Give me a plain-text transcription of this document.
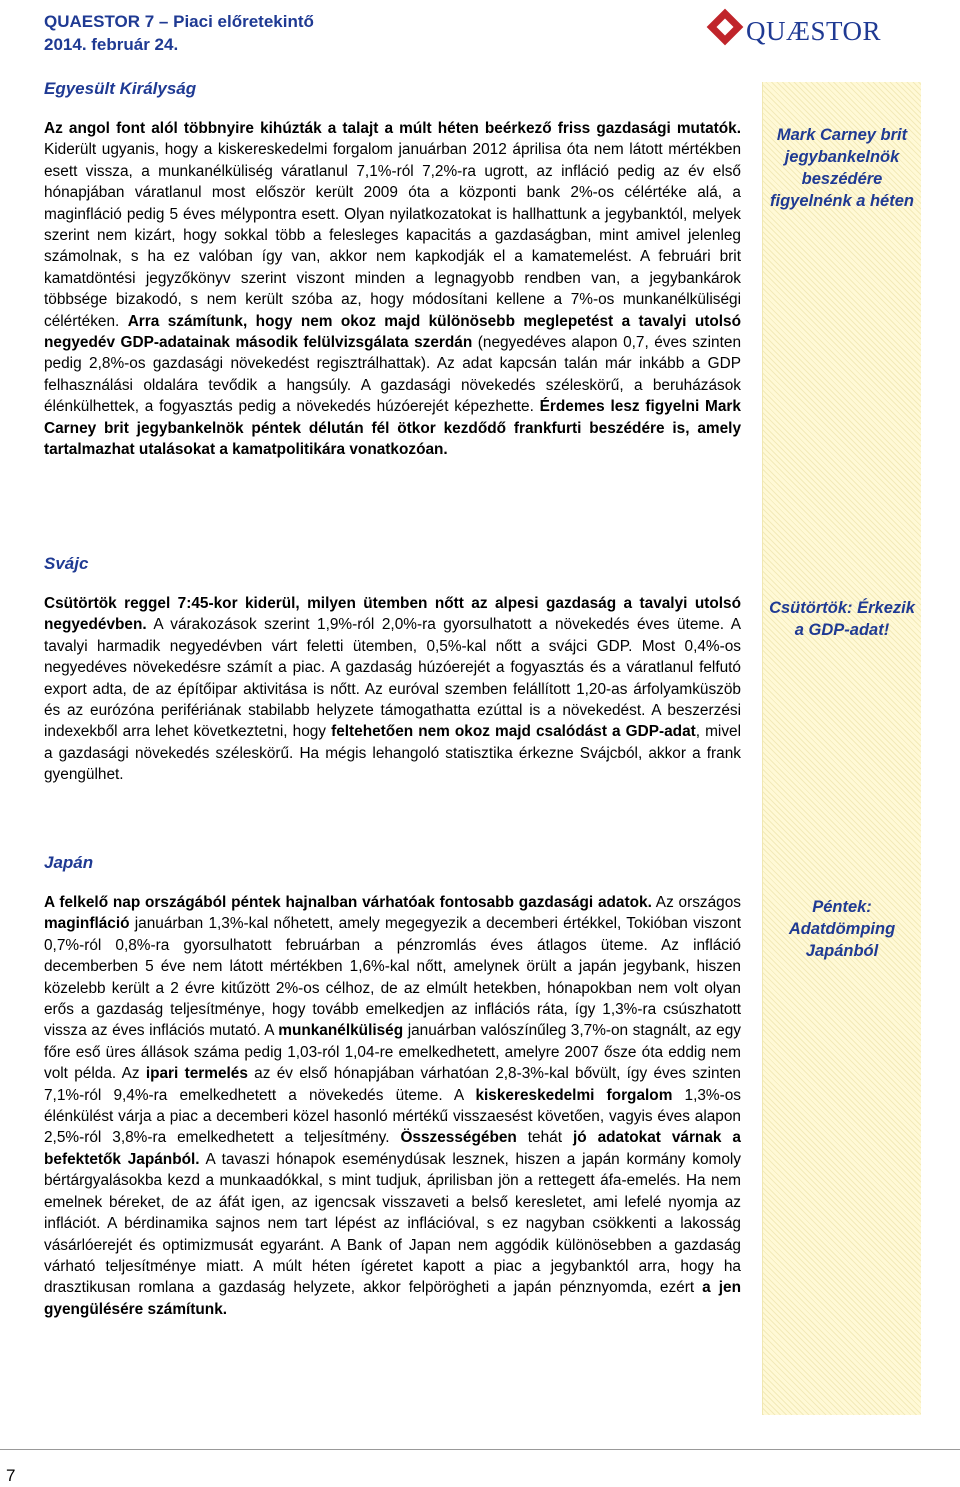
QUAESTOR 7 – Piaci előretekintő
2014. február 24.	QUÆSTOR
Egyesült Királyság

Az angol font alól többnyire kihúzták a talajt a múlt héten beérkező friss gazdasági mutatók. Kiderült ugyanis, hogy a kiskereskedelmi forgalom januárban 2012 áprilisa óta nem látott mértékben esett vissza, a munkanélküliség váratlanul 7,1%-ról 7,2%-ra ugrott, az infláció pedig az év első hónapjában váratlanul most először került 2009 óta a központi bank 2%-os célértéke alá, a maginfláció pedig 5 éves mélypontra esett. Olyan nyilatkozatokat is hallhattunk a jegybanktól, melyek szerint nem kizárt, hogy sokkal több a felesleges kapacitás a gazdaságban, mint amivel jelenleg számolnak, s ha ez valóban így van, akkor nem kapkodják el a kamatemelést. A februári brit kamatdöntési jegyzőkönyv szerint viszont minden a legnagyobb rendben van, a jegybankárok többsége bizakodó, s nem került szóba az, hogy módosítani kellene a 7%-os munkanélküliségi célértéken. Arra számítunk, hogy nem okoz majd különösebb meglepetést a tavalyi utolsó negyedév GDP-adatainak második felülvizsgálata szerdán (negyedéves alapon 0,7, éves szinten pedig 2,8%-os gazdasági növekedést regisztrálhattak). Az adat kapcsán talán már inkább a GDP felhasználási oldalára tevődik a hangsúly. A gazdasági növekedés széleskörű, a beruházások élénkülhettek, a fogyasztás pedig a növekedés húzóerejét képezhette. Érdemes lesz figyelni Mark Carney brit jegybankelnök péntek délután fél ötkor kezdődő frankfurti beszédére is, amely tartalmazhat utalásokat a kamatpolitikára vonatkozóan.

Svájc

Csütörtök reggel 7:45-kor kiderül, milyen ütemben nőtt az alpesi gazdaság a tavalyi utolsó negyedévben. A várakozások szerint 1,9%-ról 2,0%-ra gyorsulhatott a növekedés éves üteme. A tavalyi harmadik negyedévben várt feletti ütemben, 0,5%-kal nőtt a svájci GDP. Most 0,4%-os negyedéves növekedésre számít a piac. A gazdaság húzóerejét a fogyasztás és a váratlanul felfutó export adta, de az építőipar aktivitása is nőtt. Az euróval szemben felállított 1,20-as árfolyamküszöb és az eurózóna perifériának stabilabb helyzete támogathatta ezúttal is a növekedést. A beszerzési indexekből arra lehet következtetni, hogy feltehetően nem okoz majd csalódást a GDP-adat, mivel a gazdasági növekedés széleskörű. Ha mégis lehangoló statisztika érkezne Svájcból, akkor a frank gyengülhet.

Japán

A felkelő nap országából péntek hajnalban várhatóak fontosabb gazdasági adatok. Az országos maginfláció januárban 1,3%-kal nőhetett, amely megegyezik a decemberi értékkel, Tokióban viszont 0,7%-ról 0,8%-ra gyorsulhatott februárban a pénzromlás éves átlagos üteme. Az infláció decemberben 5 éve nem látott mértékben 1,6%-kal nőtt, amelynek örült a japán jegybank, hiszen közelebb került a 2 évre kitűzött 2%-os célhoz, de az elmúlt hetekben, hónapokban nem volt olyan erős a gazdaság teljesítménye, hogy tovább emelkedjen az inflációs ráta, így 1,3%-ra csúszhatott vissza az éves inflációs mutató. A munkanélküliség januárban valószínűleg 3,7%-on stagnált, az egy főre eső üres állások száma pedig 1,03-ról 1,04-re emelkedhetett, amelyre 2007 ősze óta eddig nem volt példa. Az ipari termelés az év első hónapjában várhatóan 2,8-3%-kal bővült, így éves szinten 7,1%-ról 9,4%-ra emelkedhetett a növekedés üteme. A kiskereskedelmi forgalom 1,3%-os élénkülést várja a piac a decemberi közel hasonló mértékű visszaesést követően, vagyis éves alapon 2,5%-ról 3,8%-ra emelkedhetett a teljesítmény. Összességében tehát jó adatokat várnak a befektetők Japánból. A tavaszi hónapok eseménydúsak lesznek, hiszen a japán kormány komoly bértárgyalásokba kezd a munkaadókkal, s mint tudjuk, áprilisban jön a rettegett áfa-emelés. Ha nem emelnek béreket, de az áfát igen, az igencsak visszaveti a belső keresletet, ami lefelé nyomja az inflációt. A bérdinamika sajnos nem tart lépést az inflációval, s ez nagyban csökkenti a lakosság vásárlóerejét és optimizmusát egyaránt. A Bank of Japan nem aggódik különösebben a gazdaság várható teljesítménye miatt. A múlt héten ígéretet kapott a piac a jegybanktól arra, hogy ha drasztikusan romlana a gazdaság helyzete, akkor felpörögheti a japán pénznyomda, ezért a jen gyengülésére számítunk.

Mark Carney brit jegybankelnök beszédére figyelnénk a héten

Csütörtök: Érkezik a GDP-adat!

Péntek: Adatdömping Japánból

7
